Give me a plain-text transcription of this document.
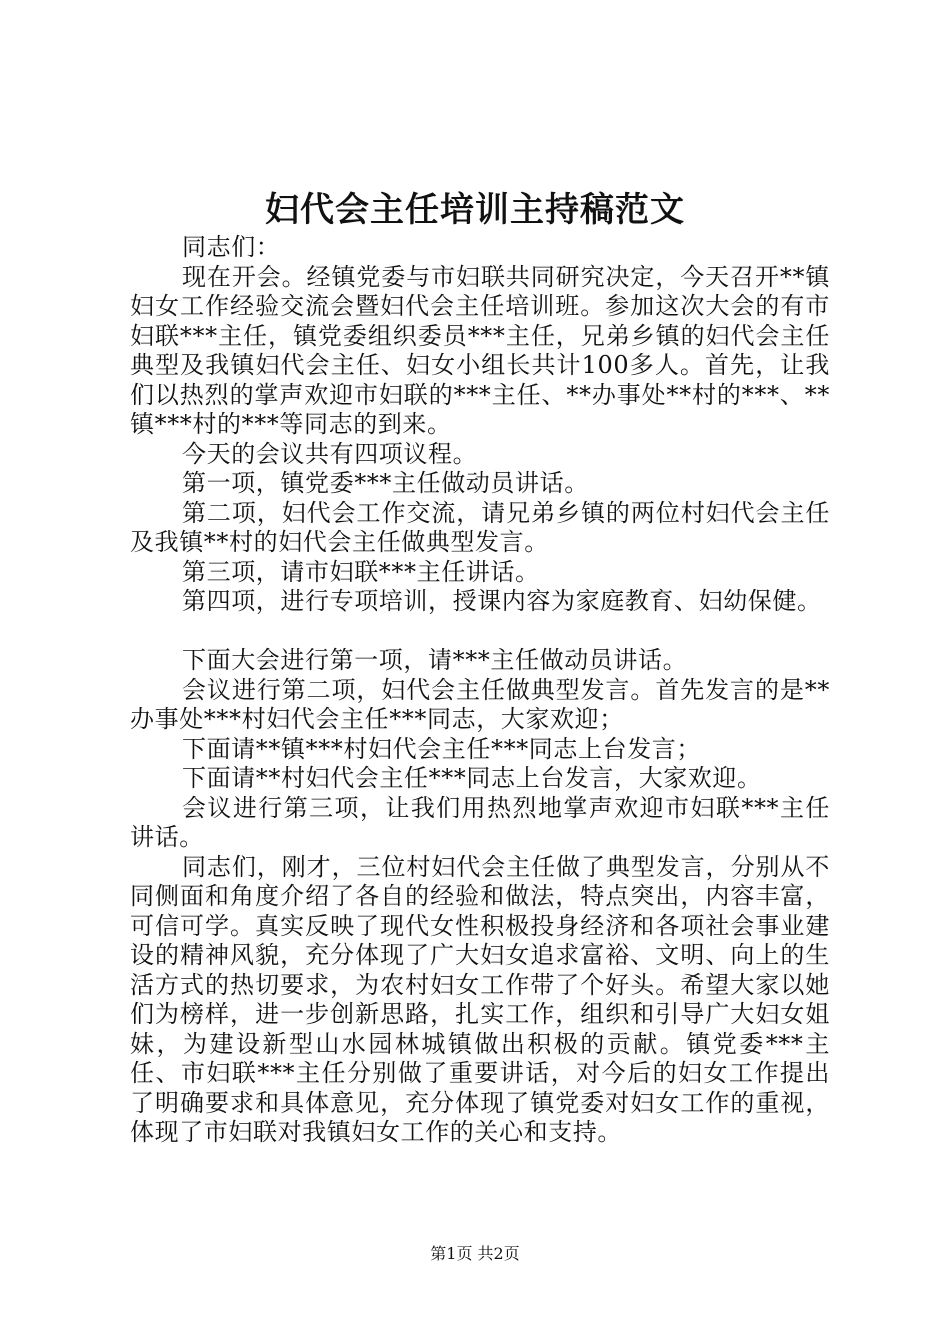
妇代会主任培训主持稿范文

同志们：

现在开会。经镇党委与市妇联共同研究决定，今天召开**镇妇女工作经验交流会暨妇代会主任培训班。参加这次大会的有市妇联***主任，镇党委组织委员***主任，兄弟乡镇的妇代会主任典型及我镇妇代会主任、妇女小组长共计100多人。首先，让我们以热烈的掌声欢迎市妇联的***主任、**办事处**村的***、**镇***村的***等同志的到来。

今天的会议共有四项议程。

第一项，镇党委***主任做动员讲话。

第二项，妇代会工作交流，请兄弟乡镇的两位村妇代会主任及我镇**村的妇代会主任做典型发言。

第三项，请市妇联***主任讲话。

第四项，进行专项培训，授课内容为家庭教育、妇幼保健。

下面大会进行第一项，请***主任做动员讲话。

会议进行第二项，妇代会主任做典型发言。首先发言的是**办事处***村妇代会主任***同志，大家欢迎；

下面请**镇***村妇代会主任***同志上台发言；

下面请**村妇代会主任***同志上台发言，大家欢迎。

会议进行第三项，让我们用热烈地掌声欢迎市妇联***主任讲话。

同志们，刚才，三位村妇代会主任做了典型发言，分别从不同侧面和角度介绍了各自的经验和做法，特点突出，内容丰富，可信可学。真实反映了现代女性积极投身经济和各项社会事业建设的精神风貌，充分体现了广大妇女追求富裕、文明、向上的生活方式的热切要求，为农村妇女工作带了个好头。希望大家以她们为榜样，进一步创新思路，扎实工作，组织和引导广大妇女姐妹，为建设新型山水园林城镇做出积极的贡献。镇党委***主任、市妇联***主任分别做了重要讲话，对今后的妇女工作提出了明确要求和具体意见，充分体现了镇党委对妇女工作的重视，体现了市妇联对我镇妇女工作的关心和支持。

第1页 共2页
